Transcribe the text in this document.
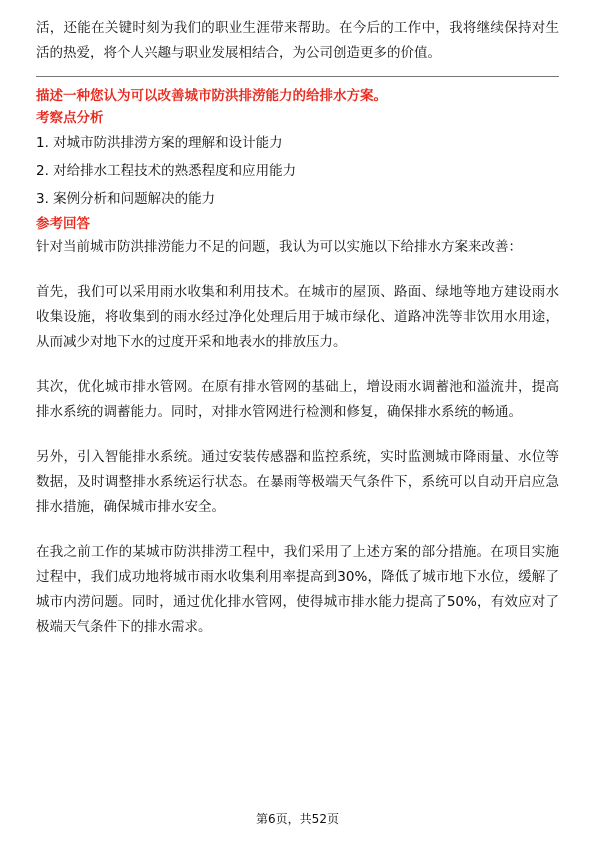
活，还能在关键时刻为我们的职业生涯带来帮助。在今后的工作中，我将继续保持对生活的热爱，将个人兴趣与职业发展相结合，为公司创造更多的价值。

描述一种您认为可以改善城市防洪排涝能力的给排水方案。

考察点分析

1. 对城市防洪排涝方案的理解和设计能力
2. 对给排水工程技术的熟悉程度和应用能力
3. 案例分析和问题解决的能力

参考回答

针对当前城市防洪排涝能力不足的问题，我认为可以实施以下给排水方案来改善：

首先，我们可以采用雨水收集和利用技术。在城市的屋顶、路面、绿地等地方建设雨水收集设施，将收集到的雨水经过净化处理后用于城市绿化、道路冲洗等非饮用水用途，从而减少对地下水的过度开采和地表水的排放压力。

其次，优化城市排水管网。在原有排水管网的基础上，增设雨水调蓄池和溢流井，提高排水系统的调蓄能力。同时，对排水管网进行检测和修复，确保排水系统的畅通。

另外，引入智能排水系统。通过安装传感器和监控系统，实时监测城市降雨量、水位等数据，及时调整排水系统运行状态。在暴雨等极端天气条件下，系统可以自动开启应急排水措施，确保城市排水安全。

在我之前工作的某城市防洪排涝工程中，我们采用了上述方案的部分措施。在项目实施过程中，我们成功地将城市雨水收集利用率提高到30%，降低了城市地下水位，缓解了城市内涝问题。同时，通过优化排水管网，使得城市排水能力提高了50%，有效应对了极端天气条件下的排水需求。

第6页，共52页
